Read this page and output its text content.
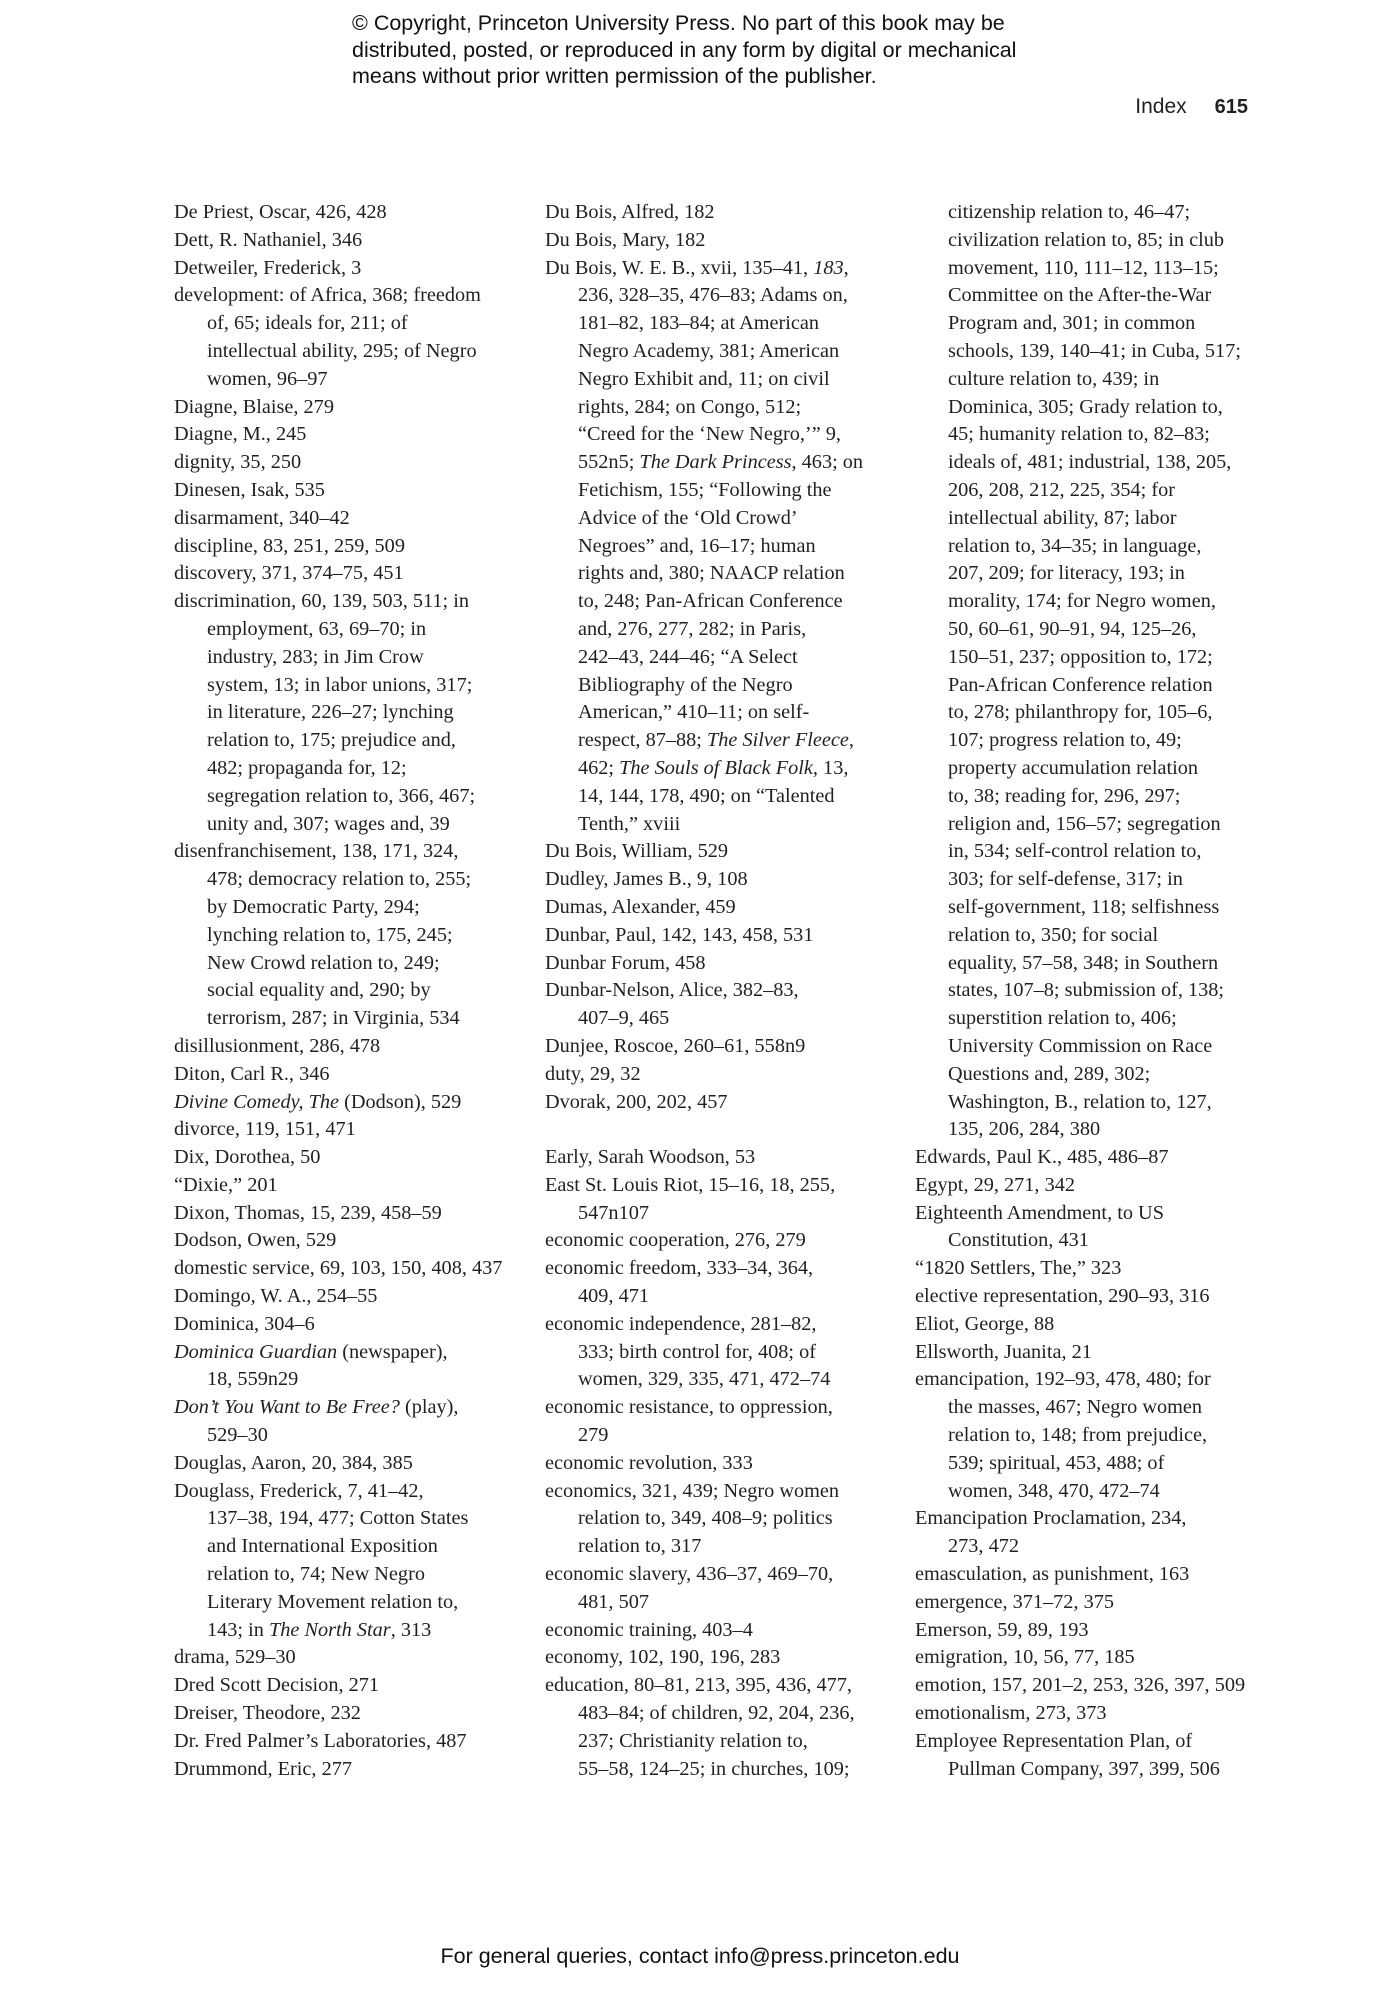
© Copyright, Princeton University Press. No part of this book may be
distributed, posted, or reproduced in any form by digital or mechanical
means without prior written permission of the publisher.
Index 615
De Priest, Oscar, 426, 428
Dett, R. Nathaniel, 346
Detweiler, Frederick, 3
development: of Africa, 368; freedom
of, 65; ideals for, 211; of
intellectual ability, 295; of Negro
women, 96–97
Diagne, Blaise, 279
Diagne, M., 245
dignity, 35, 250
Dinesen, Isak, 535
disarmament, 340–42
discipline, 83, 251, 259, 509
discovery, 371, 374–75, 451
discrimination, 60, 139, 503, 511; in
employment, 63, 69–70; in
industry, 283; in Jim Crow
system, 13; in labor unions, 317;
in literature, 226–27; lynching
relation to, 175; prejudice and,
482; propaganda for, 12;
segregation relation to, 366, 467;
unity and, 307; wages and, 39
disenfranchisement, 138, 171, 324,
478; democracy relation to, 255;
by Democratic Party, 294;
lynching relation to, 175, 245;
New Crowd relation to, 249;
social equality and, 290; by
terrorism, 287; in Virginia, 534
disillusionment, 286, 478
Diton, Carl R., 346
Divine Comedy, The (Dodson), 529
divorce, 119, 151, 471
Dix, Dorothea, 50
“Dixie,” 201
Dixon, Thomas, 15, 239, 458–59
Dodson, Owen, 529
domestic service, 69, 103, 150, 408, 437
Domingo, W. A., 254–55
Dominica, 304–6
Dominica Guardian (newspaper),
18, 559n29
Don’t You Want to Be Free? (play),
529–30
Douglas, Aaron, 20, 384, 385
Douglass, Frederick, 7, 41–42,
137–38, 194, 477; Cotton States
and International Exposition
relation to, 74; New Negro
Literary Movement relation to,
143; in The North Star, 313
drama, 529–30
Dred Scott Decision, 271
Dreiser, Theodore, 232
Dr. Fred Palmer’s Laboratories, 487
Drummond, Eric, 277
Du Bois, Alfred, 182
Du Bois, Mary, 182
Du Bois, W. E. B., xvii, 135–41, 183,
236, 328–35, 476–83; Adams on,
181–82, 183–84; at American
Negro Academy, 381; American
Negro Exhibit and, 11; on civil
rights, 284; on Congo, 512;
“Creed for the ‘New Negro,’” 9,
552n5; The Dark Princess, 463; on
Fetichism, 155; “Following the
Advice of the ‘Old Crowd’
Negroes” and, 16–17; human
rights and, 380; NAACP relation
to, 248; Pan-African Conference
and, 276, 277, 282; in Paris,
242–43, 244–46; “A Select
Bibliography of the Negro
American,” 410–11; on self-
respect, 87–88; The Silver Fleece,
462; The Souls of Black Folk, 13,
14, 144, 178, 490; on “Talented
Tenth,” xviii
Du Bois, William, 529
Dudley, James B., 9, 108
Dumas, Alexander, 459
Dunbar, Paul, 142, 143, 458, 531
Dunbar Forum, 458
Dunbar-Nelson, Alice, 382–83,
407–9, 465
Dunjee, Roscoe, 260–61, 558n9
duty, 29, 32
Dvorak, 200, 202, 457
Early, Sarah Woodson, 53
East St. Louis Riot, 15–16, 18, 255,
547n107
economic cooperation, 276, 279
economic freedom, 333–34, 364,
409, 471
economic independence, 281–82,
333; birth control for, 408; of
women, 329, 335, 471, 472–74
economic resistance, to oppression,
279
economic revolution, 333
economics, 321, 439; Negro women
relation to, 349, 408–9; politics
relation to, 317
economic slavery, 436–37, 469–70,
481, 507
economic training, 403–4
economy, 102, 190, 196, 283
education, 80–81, 213, 395, 436, 477,
483–84; of children, 92, 204, 236,
237; Christianity relation to,
55–58, 124–25; in churches, 109;
citizenship relation to, 46–47;
civilization relation to, 85; in club
movement, 110, 111–12, 113–15;
Committee on the After-the-War
Program and, 301; in common
schools, 139, 140–41; in Cuba, 517;
culture relation to, 439; in
Dominica, 305; Grady relation to,
45; humanity relation to, 82–83;
ideals of, 481; industrial, 138, 205,
206, 208, 212, 225, 354; for
intellectual ability, 87; labor
relation to, 34–35; in language,
207, 209; for literacy, 193; in
morality, 174; for Negro women,
50, 60–61, 90–91, 94, 125–26,
150–51, 237; opposition to, 172;
Pan-African Conference relation
to, 278; philanthropy for, 105–6,
107; progress relation to, 49;
property accumulation relation
to, 38; reading for, 296, 297;
religion and, 156–57; segregation
in, 534; self-control relation to,
303; for self-defense, 317; in
self-government, 118; selfishness
relation to, 350; for social
equality, 57–58, 348; in Southern
states, 107–8; submission of, 138;
superstition relation to, 406;
University Commission on Race
Questions and, 289, 302;
Washington, B., relation to, 127,
135, 206, 284, 380
Edwards, Paul K., 485, 486–87
Egypt, 29, 271, 342
Eighteenth Amendment, to US
Constitution, 431
“1820 Settlers, The,” 323
elective representation, 290–93, 316
Eliot, George, 88
Ellsworth, Juanita, 21
emancipation, 192–93, 478, 480; for
the masses, 467; Negro women
relation to, 148; from prejudice,
539; spiritual, 453, 488; of
women, 348, 470, 472–74
Emancipation Proclamation, 234,
273, 472
emasculation, as punishment, 163
emergence, 371–72, 375
Emerson, 59, 89, 193
emigration, 10, 56, 77, 185
emotion, 157, 201–2, 253, 326, 397, 509
emotionalism, 273, 373
Employee Representation Plan, of
Pullman Company, 397, 399, 506
For general queries, contact info@press.princeton.edu
